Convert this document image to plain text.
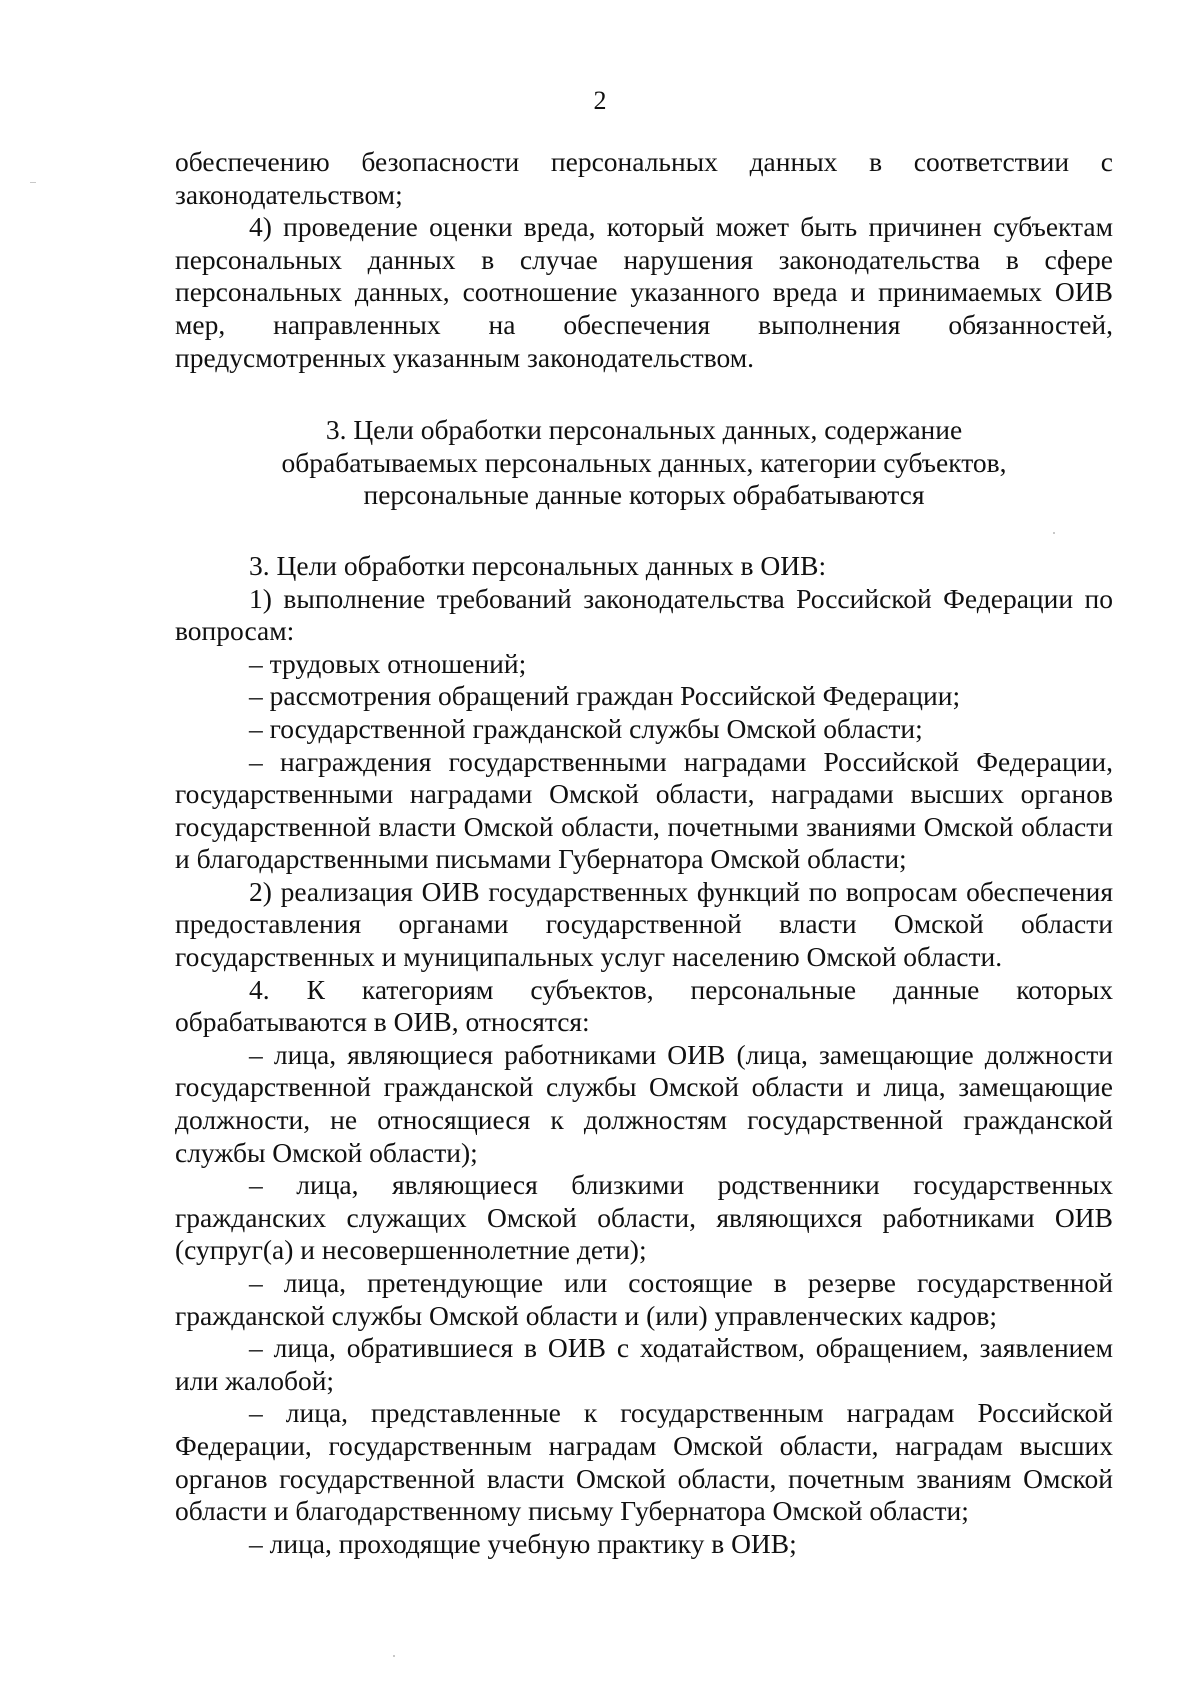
2

обеспечению безопасности персональных данных в соответствии с законодательством;

4) проведение оценки вреда, который может быть причинен субъектам персональных данных в случае нарушения законодательства в сфере персональных данных, соотношение указанного вреда и принимаемых ОИВ мер, направленных на обеспечения выполнения обязанностей, предусмотренных указанным законодательством.

3. Цели обработки персональных данных, содержание
обрабатываемых персональных данных, категории субъектов,
персональные данные которых обрабатываются

3. Цели обработки персональных данных в ОИВ:

1) выполнение требований законодательства Российской Федерации по вопросам:

– трудовых отношений;

– рассмотрения обращений граждан Российской Федерации;

– государственной гражданской службы Омской области;

– награждения государственными наградами Российской Федерации, государственными наградами Омской области, наградами высших органов государственной власти Омской области, почетными званиями Омской области и благодарственными письмами Губернатора Омской области;

2) реализация ОИВ государственных функций по вопросам обеспечения предоставления органами государственной власти Омской области государственных и муниципальных услуг населению Омской области.

4. К категориям субъектов, персональные данные которых обрабатываются в ОИВ, относятся:

– лица, являющиеся работниками ОИВ (лица, замещающие должности государственной гражданской службы Омской области и лица, замещающие должности, не относящиеся к должностям государственной гражданской службы Омской области);

– лица, являющиеся близкими родственники государственных гражданских служащих Омской области, являющихся работниками ОИВ (супруг(а) и несовершеннолетние дети);

– лица, претендующие или состоящие в резерве государственной гражданской службы Омской области и (или) управленческих кадров;

– лица, обратившиеся в ОИВ с ходатайством, обращением, заявлением или жалобой;

– лица, представленные к государственным наградам Российской Федерации, государственным наградам Омской области, наградам высших органов государственной власти Омской области, почетным званиям Омской области и благодарственному письму Губернатора Омской области;

– лица, проходящие учебную практику в ОИВ;
